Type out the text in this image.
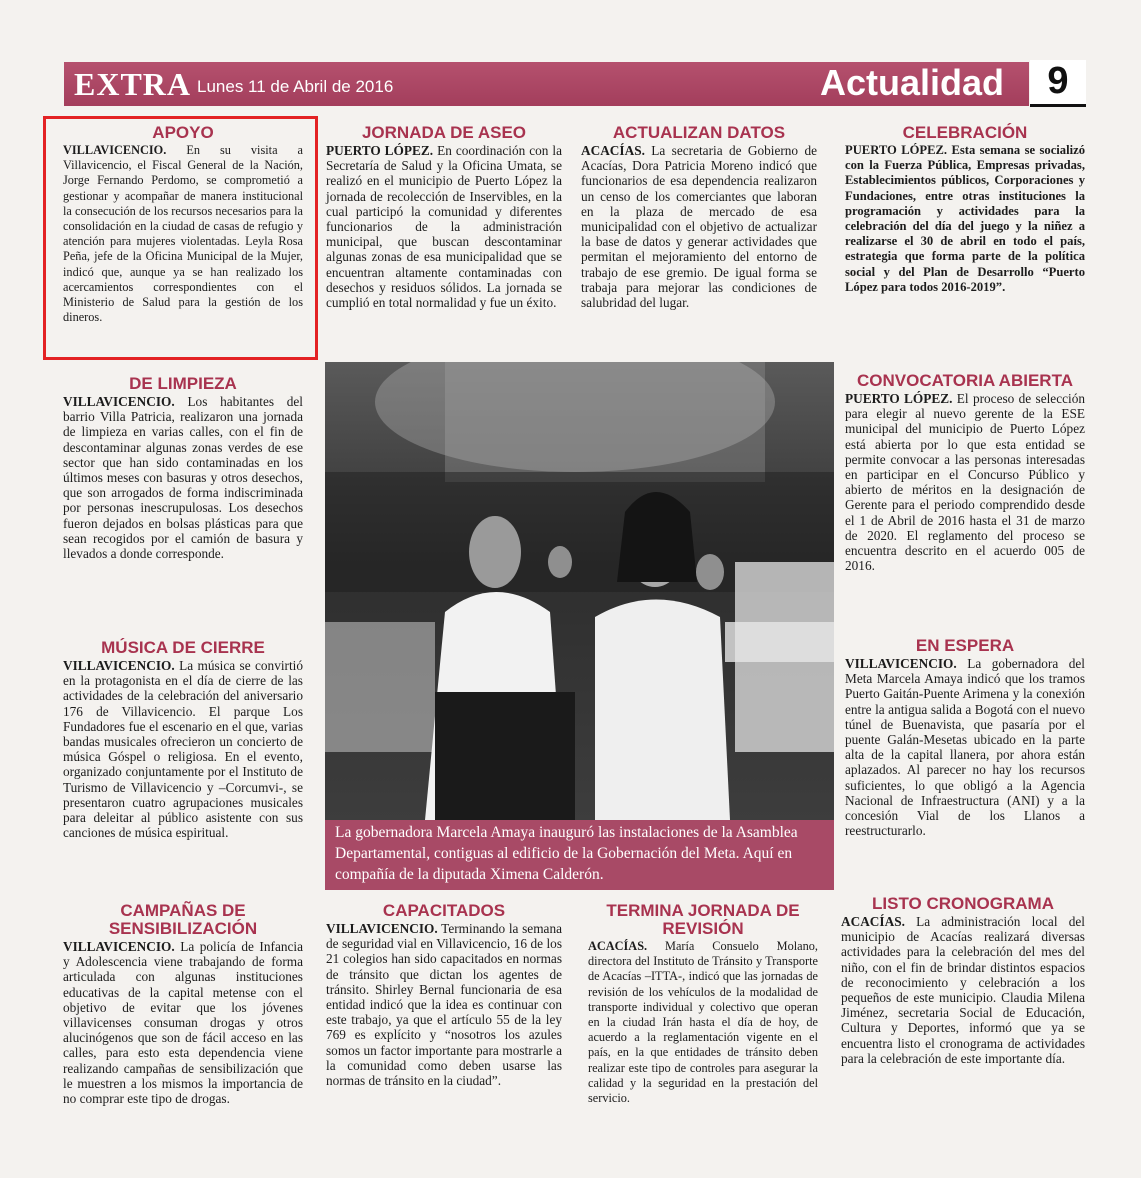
EXTRA Lunes 11 de Abril de 2016	Actualidad	9
APOYO

VILLAVICENCIO. En su visita a Villavicencio, el Fiscal General de la Nación, Jorge Fernando Perdomo, se comprometió a gestionar y acompañar de manera institucional la consecución de los recursos necesarios para la consolidación en la ciudad de casas de refugio y atención para mujeres violentadas. Leyla Rosa Peña, jefe de la Oficina Municipal de la Mujer, indicó que, aunque ya se han realizado los acercamientos correspondientes con el Ministerio de Salud para la gestión de los dineros.

JORNADA DE ASEO

PUERTO LÓPEZ. En coordinación con la Secretaría de Salud y la Oficina Umata, se realizó en el municipio de Puerto López la jornada de recolección de Inservibles, en la cual participó la comunidad y diferentes funcionarios de la administración municipal, que buscan descontaminar algunas zonas de esa municipalidad que se encuentran altamente contaminadas con desechos y residuos sólidos. La jornada se cumplió en total normalidad y fue un éxito.

ACTUALIZAN DATOS

ACACÍAS. La secretaria de Gobierno de Acacías, Dora Patricia Moreno indicó que funcionarios de esa dependencia realizaron un censo de los comerciantes que laboran en la plaza de mercado de esa municipalidad con el objetivo de actualizar la base de datos y generar actividades que permitan el mejoramiento del entorno de trabajo de ese gremio. De igual forma se trabaja para mejorar las condiciones de salubridad del lugar.

CELEBRACIÓN

PUERTO LÓPEZ. Esta semana se socializó con la Fuerza Pública, Empresas privadas, Establecimientos públicos, Corporaciones y Fundaciones, entre otras instituciones la programación y actividades para la celebración del día del juego y la niñez a realizarse el 30 de abril en todo el país, estrategia que forma parte de la política social y del Plan de Desarrollo “Puerto López para todos 2016-2019”.

DE LIMPIEZA

VILLAVICENCIO. Los habitantes del barrio Villa Patricia, realizaron una jornada de limpieza en varias calles, con el fin de descontaminar algunas zonas verdes de ese sector que han sido contaminadas en los últimos meses con basuras y otros desechos, que son arrogados de forma indiscriminada por personas inescrupulosas. Los desechos fueron dejados en bolsas plásticas para que sean recogidos por el camión de basura y llevados a donde corresponde.

CONVOCATORIA ABIERTA

PUERTO LÓPEZ. El proceso de selección para elegir al nuevo gerente de la ESE municipal del municipio de Puerto López está abierta por lo que esta entidad se permite convocar a las personas interesadas en participar en el Concurso Público y abierto de méritos en la designación de Gerente para el periodo comprendido desde el 1 de Abril de 2016 hasta el 31 de marzo de 2020. El reglamento del proceso se encuentra descrito en el acuerdo 005 de 2016.

MÚSICA DE CIERRE

VILLAVICENCIO. La música se convirtió en la protagonista en el día de cierre de las actividades de la celebración del aniversario 176 de Villavicencio. El parque Los Fundadores fue el escenario en el que, varias bandas musicales ofrecieron un concierto de música Góspel o religiosa. En el evento, organizado conjuntamente por el Instituto de Turismo de Villavicencio y –Corcumvi-, se presentaron cuatro agrupaciones musicales para deleitar al público asistente con sus canciones de música espiritual.

EN ESPERA

VILLAVICENCIO. La gobernadora del Meta Marcela Amaya indicó que los tramos Puerto Gaitán-Puente Arimena y la conexión entre la antigua salida a Bogotá con el nuevo túnel de Buenavista, que pasaría por el puente Galán-Mesetas ubicado en la parte alta de la capital llanera, por ahora están aplazados. Al parecer no hay los recursos suficientes, lo que obligó a la Agencia Nacional de Infraestructura (ANI) y a la concesión Vial de los Llanos a reestructurarlo.

La gobernadora Marcela Amaya inauguró las instalaciones de la Asamblea Departamental, contiguas al edificio de la Gobernación del Meta. Aquí en compañía de la diputada Ximena Calderón.
CAMPAÑAS DE SENSIBILIZACIÓN

VILLAVICENCIO. La policía de Infancia y Adolescencia viene trabajando de forma articulada con algunas instituciones educativas de la capital metense con el objetivo de evitar que los jóvenes villavicenses consuman drogas y otros alucinógenos que son de fácil acceso en las calles, para esto esta dependencia viene realizando campañas de sensibilización que le muestren a los mismos la importancia de no comprar este tipo de drogas.

CAPACITADOS

VILLAVICENCIO. Terminando la semana de seguridad vial en Villavicencio, 16 de los 21 colegios han sido capacitados en normas de tránsito que dictan los agentes de tránsito. Shirley Bernal funcionaria de esa entidad indicó que la idea es continuar con este trabajo, ya que el artículo 55 de la ley 769 es explícito y “nosotros los azules somos un factor importante para mostrarle a la comunidad como deben usarse las normas de tránsito en la ciudad”.

TERMINA JORNADA DE REVISIÓN

ACACÍAS. María Consuelo Molano, directora del Instituto de Tránsito y Transporte de Acacías –ITTA-, indicó que las jornadas de revisión de los vehículos de la modalidad de transporte individual y colectivo que operan en la ciudad Irán hasta el día de hoy, de acuerdo a la reglamentación vigente en el país, en la que entidades de tránsito deben realizar este tipo de controles para asegurar la calidad y la seguridad en la prestación del servicio.

LISTO CRONOGRAMA

ACACÍAS. La administración local del municipio de Acacías realizará diversas actividades para la celebración del mes del niño, con el fin de brindar distintos espacios de reconocimiento y celebración a los pequeños de este municipio. Claudia Milena Jiménez, secretaria Social de Educación, Cultura y Deportes, informó que ya se encuentra listo el cronograma de actividades para la celebración de este importante día.
